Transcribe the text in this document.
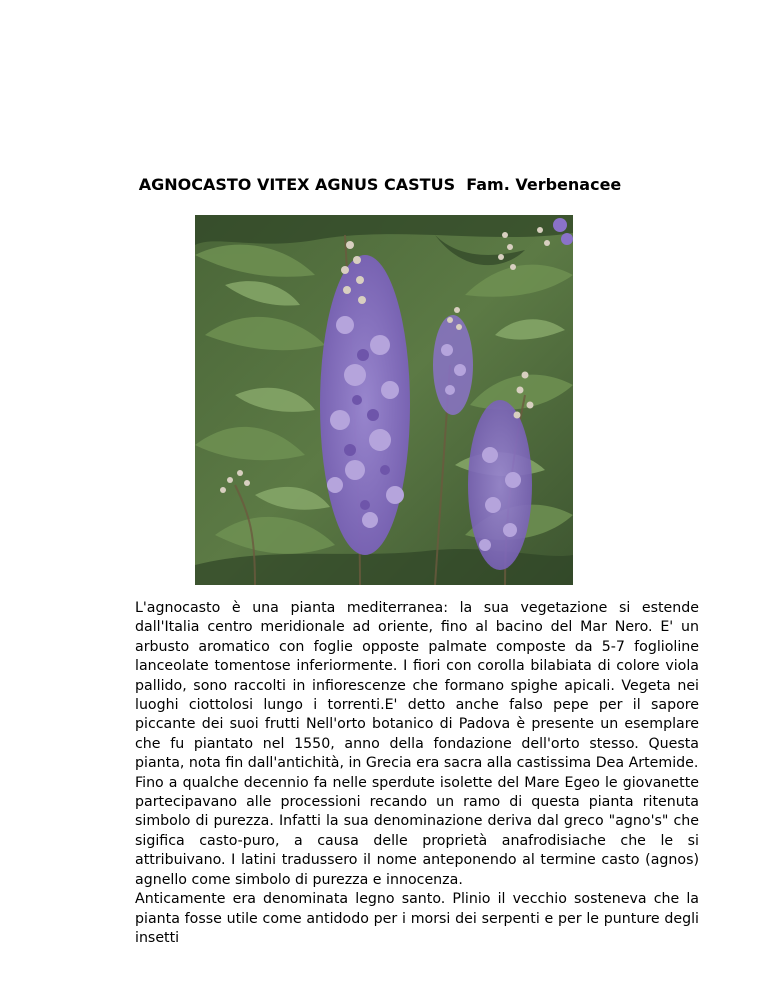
AGNOCASTO VITEX AGNUS CASTUS  Fam. Verbenacee

L'agnocasto è una pianta mediterranea: la sua vegetazione si estende dall'Italia centro meridionale ad oriente, fino al bacino del Mar Nero. E' un arbusto aromatico con foglie opposte palmate composte da 5-7 foglioline lanceolate tomentose inferiormente. I fiori con corolla bilabiata di colore viola pallido, sono raccolti in infiorescenze che formano spighe apicali. Vegeta nei luoghi ciottolosi lungo i torrenti.E' detto anche falso pepe per il sapore piccante dei suoi frutti Nell'orto botanico di Padova è presente un esemplare che fu piantato nel 1550, anno della fondazione dell'orto stesso. Questa pianta, nota fin dall'antichità, in Grecia era sacra alla castissima Dea Artemide.

Fino a qualche decennio fa nelle sperdute isolette del Mare Egeo le giovanette partecipavano alle processioni recando un ramo di questa pianta ritenuta simbolo di purezza. Infatti la sua denominazione deriva dal greco "agno's" che sigifica casto-puro, a causa delle proprietà anafrodisiache che le si attribuivano. I latini tradussero il nome anteponendo al termine casto (agnos) agnello come simbolo di purezza e innocenza.

Anticamente era denominata legno santo. Plinio il vecchio sosteneva che la pianta fosse utile come antidodo per i morsi dei serpenti e per le punture degli insetti
